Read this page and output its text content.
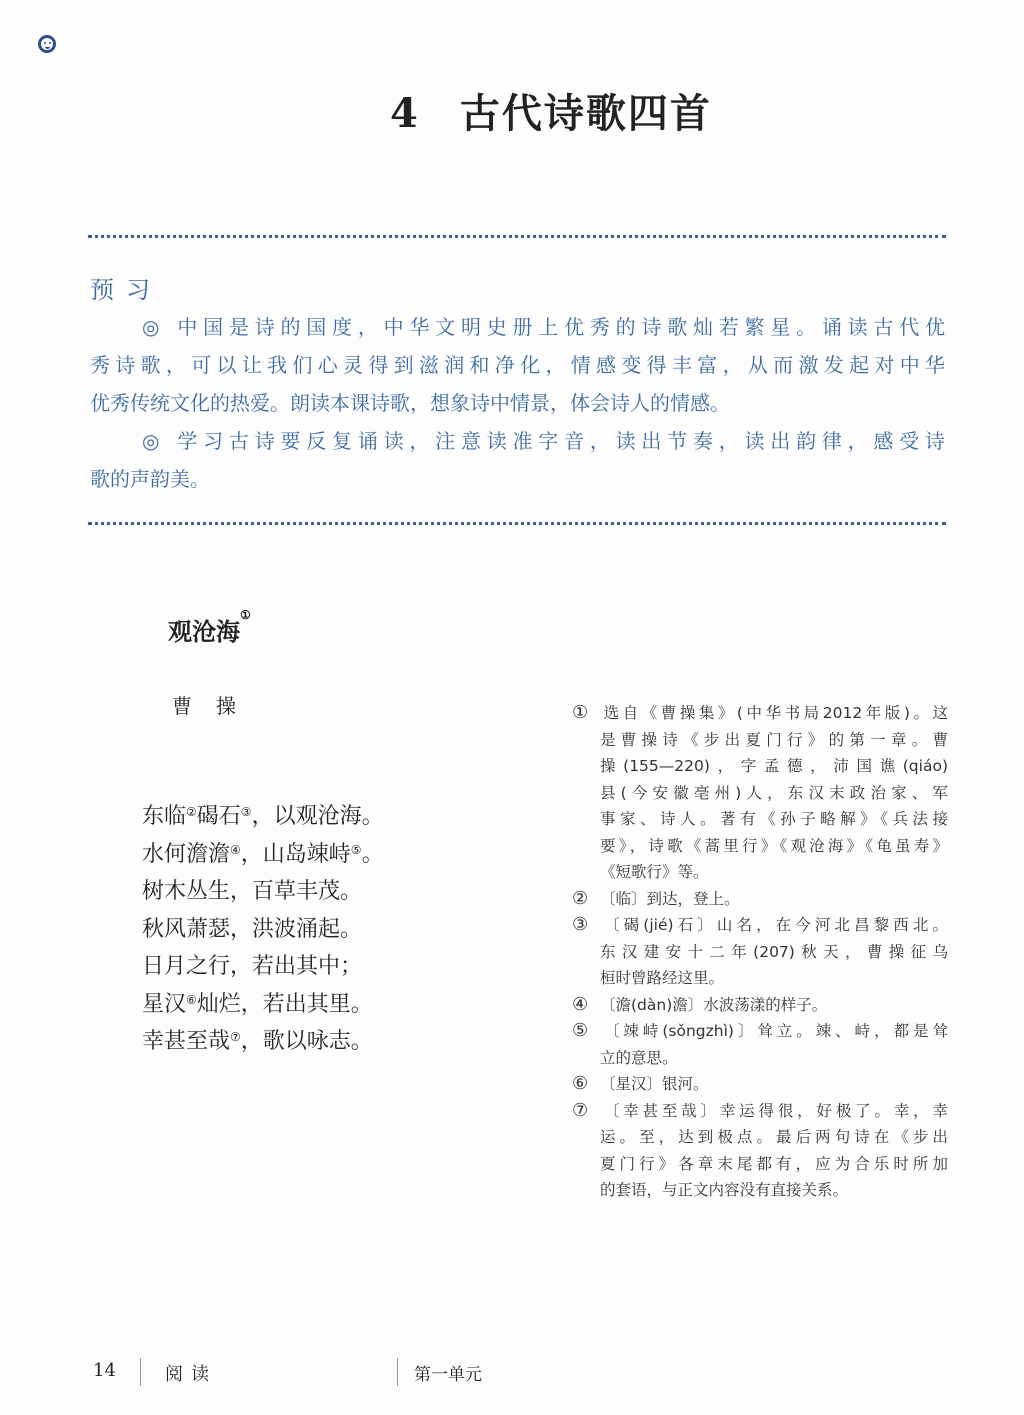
4 古代诗歌四首
预习
◎ 中国是诗的国度，中华文明史册上优秀的诗歌灿若繁星。诵读古代优
秀诗歌，可以让我们心灵得到滋润和净化，情感变得丰富，从而激发起对中华
优秀传统文化的热爱。朗读本课诗歌，想象诗中情景，体会诗人的情感。
◎ 学习古诗要反复诵读，注意读准字音，读出节奏，读出韵律，感受诗
歌的声韵美。
观沧海①
曹操
东临②碣石③，以观沧海。
水何澹澹④，山岛竦峙⑤。
树木丛生，百草丰茂。
秋风萧瑟，洪波涌起。
日月之行，若出其中；
星汉⑥灿烂，若出其里。
幸甚至哉⑦，歌以咏志。
① 选自《曹操集》(中华书局2012年版)。这
是曹操诗《步出夏门行》的第一章。曹
操(155—220)，字孟德，沛国谯(qiáo)
县(今安徽亳州)人，东汉末政治家、军
事家、诗人。著有《孙子略解》《兵法接
要》，诗歌《蒿里行》《观沧海》《龟虽寿》
《短歌行》等。
② 〔临〕到达，登上。
③ 〔碣(jié)石〕山名，在今河北昌黎西北。
东汉建安十二年(207)秋天，曹操征乌
桓时曾路经这里。
④ 〔澹(dàn)澹〕水波荡漾的样子。
⑤ 〔竦峙(sǒngzhì)〕耸立。竦、峙，都是耸
立的意思。
⑥ 〔星汉〕银河。
⑦ 〔幸甚至哉〕幸运得很，好极了。幸，幸
运。至，达到极点。最后两句诗在《步出
夏门行》各章末尾都有，应为合乐时所加
的套语，与正文内容没有直接关系。
14	阅读	第一单元
